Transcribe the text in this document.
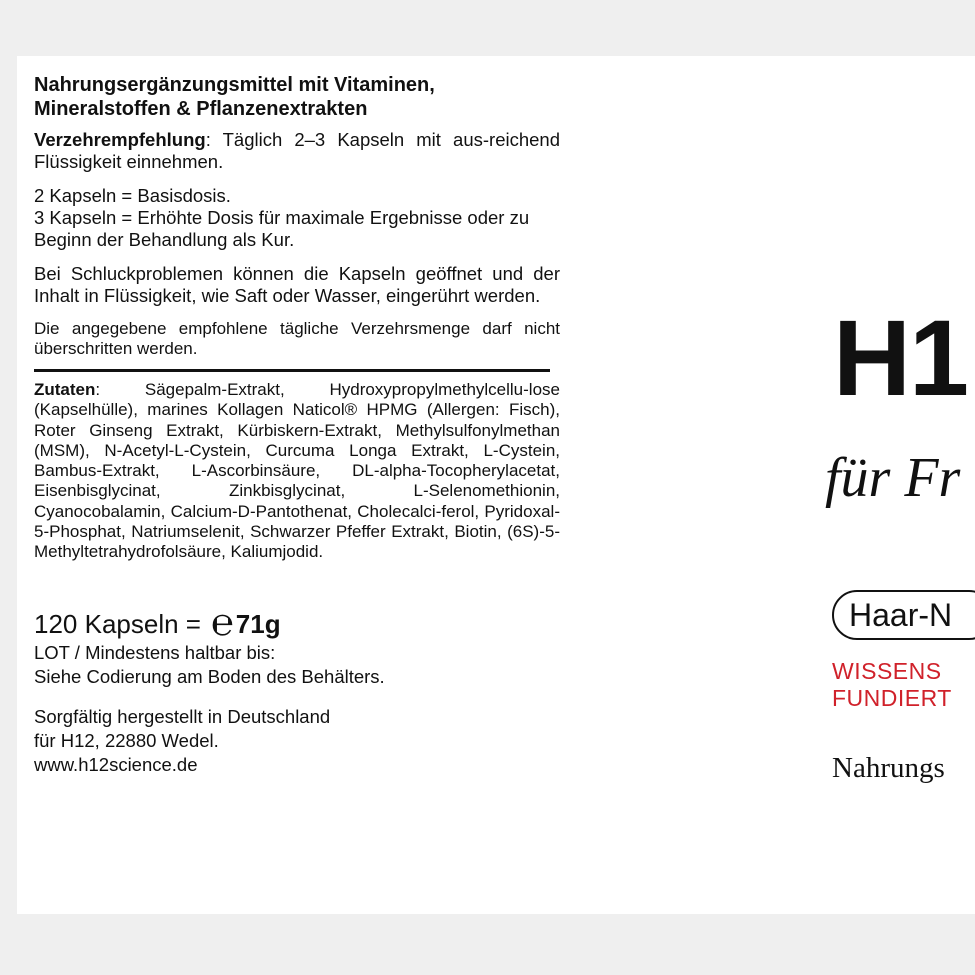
Nahrungsergänzungsmittel mit Vitaminen,
Mineralstoffen & Pflanzenextrakten

Verzehrempfehlung: Täglich 2–3 Kapseln mit aus-reichend Flüssigkeit einnehmen.

2 Kapseln = Basisdosis.

3 Kapseln = Erhöhte Dosis für maximale Ergebnisse oder zu Beginn der Behandlung als Kur.

Bei Schluckproblemen können die Kapseln geöffnet und der Inhalt in Flüssigkeit, wie Saft oder Wasser, eingerührt werden.

Die angegebene empfohlene tägliche Verzehrsmenge darf nicht überschritten werden.

Zutaten: Sägepalm-Extrakt, Hydroxypropylmethylcellu-lose (Kapselhülle), marines Kollagen Naticol® HPMG (Allergen: Fisch), Roter Ginseng Extrakt, Kürbiskern-Extrakt, Methylsulfonylmethan (MSM), N-Acetyl-L-Cystein, Curcuma Longa Extrakt, L-Cystein, Bambus-Extrakt, L-Ascorbinsäure, DL-alpha-Tocopherylacetat, Eisenbisglycinat, Zinkbisglycinat, L-Selenomethionin, Cyanocobalamin, Calcium-D-Pantothenat, Cholecalci-ferol, Pyridoxal-5-Phosphat, Natriumselenit, Schwarzer Pfeffer Extrakt, Biotin, (6S)-5-Methyltetrahydrofolsäure, Kaliumjodid.

120 Kapseln = ℮ 71g
LOT / Mindestens haltbar bis:
Siehe Codierung am Boden des Behälters.
Sorgfältig hergestellt in Deutschland
für H12, 22880 Wedel.
www.h12science.de
H1
für Fr
Haar-N
WISSENS
FUNDIERT
Nahrungs
